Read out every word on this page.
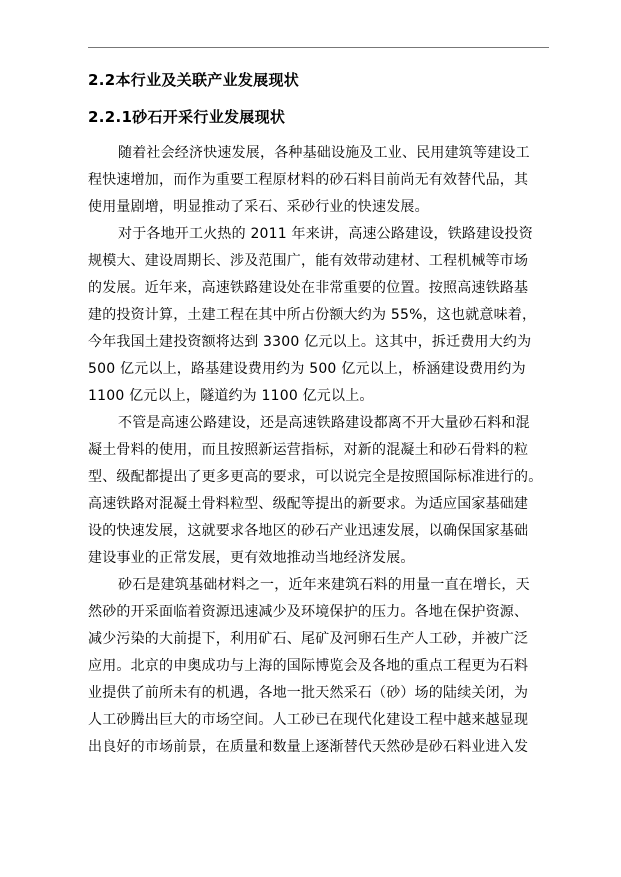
2.2本行业及关联产业发展现状
2.2.1砂石开采行业发展现状
随着社会经济快速发展，各种基础设施及工业、民用建筑等建设工
程快速增加，而作为重要工程原材料的砂石料目前尚无有效替代品，其
使用量剧增，明显推动了采石、采砂行业的快速发展。
对于各地开工火热的 2011 年来讲，高速公路建设，铁路建设投资
规模大、建设周期长、涉及范围广，能有效带动建材、工程机械等市场
的发展。近年来，高速铁路建设处在非常重要的位置。按照高速铁路基
建的投资计算，土建工程在其中所占份额大约为 55%，这也就意味着，
今年我国土建投资额将达到 3300 亿元以上。这其中，拆迁费用大约为
500 亿元以上，路基建设费用约为 500 亿元以上，桥涵建设费用约为
1100 亿元以上，隧道约为 1100 亿元以上。
不管是高速公路建设，还是高速铁路建设都离不开大量砂石料和混
凝土骨料的使用，而且按照新运营指标，对新的混凝土和砂石骨料的粒
型、级配都提出了更多更高的要求，可以说完全是按照国际标准进行的。
高速铁路对混凝土骨料粒型、级配等提出的新要求。为适应国家基础建
设的快速发展，这就要求各地区的砂石产业迅速发展，以确保国家基础
建设事业的正常发展，更有效地推动当地经济发展。
砂石是建筑基础材料之一，近年来建筑石料的用量一直在增长，天
然砂的开采面临着资源迅速减少及环境保护的压力。各地在保护资源、
减少污染的大前提下，利用矿石、尾矿及河卵石生产人工砂，并被广泛
应用。北京的申奥成功与上海的国际博览会及各地的重点工程更为石料
业提供了前所未有的机遇，各地一批天然采石（砂）场的陆续关闭，为
人工砂腾出巨大的市场空间。人工砂已在现代化建设工程中越来越显现
出良好的市场前景，在质量和数量上逐渐替代天然砂是砂石料业进入发
